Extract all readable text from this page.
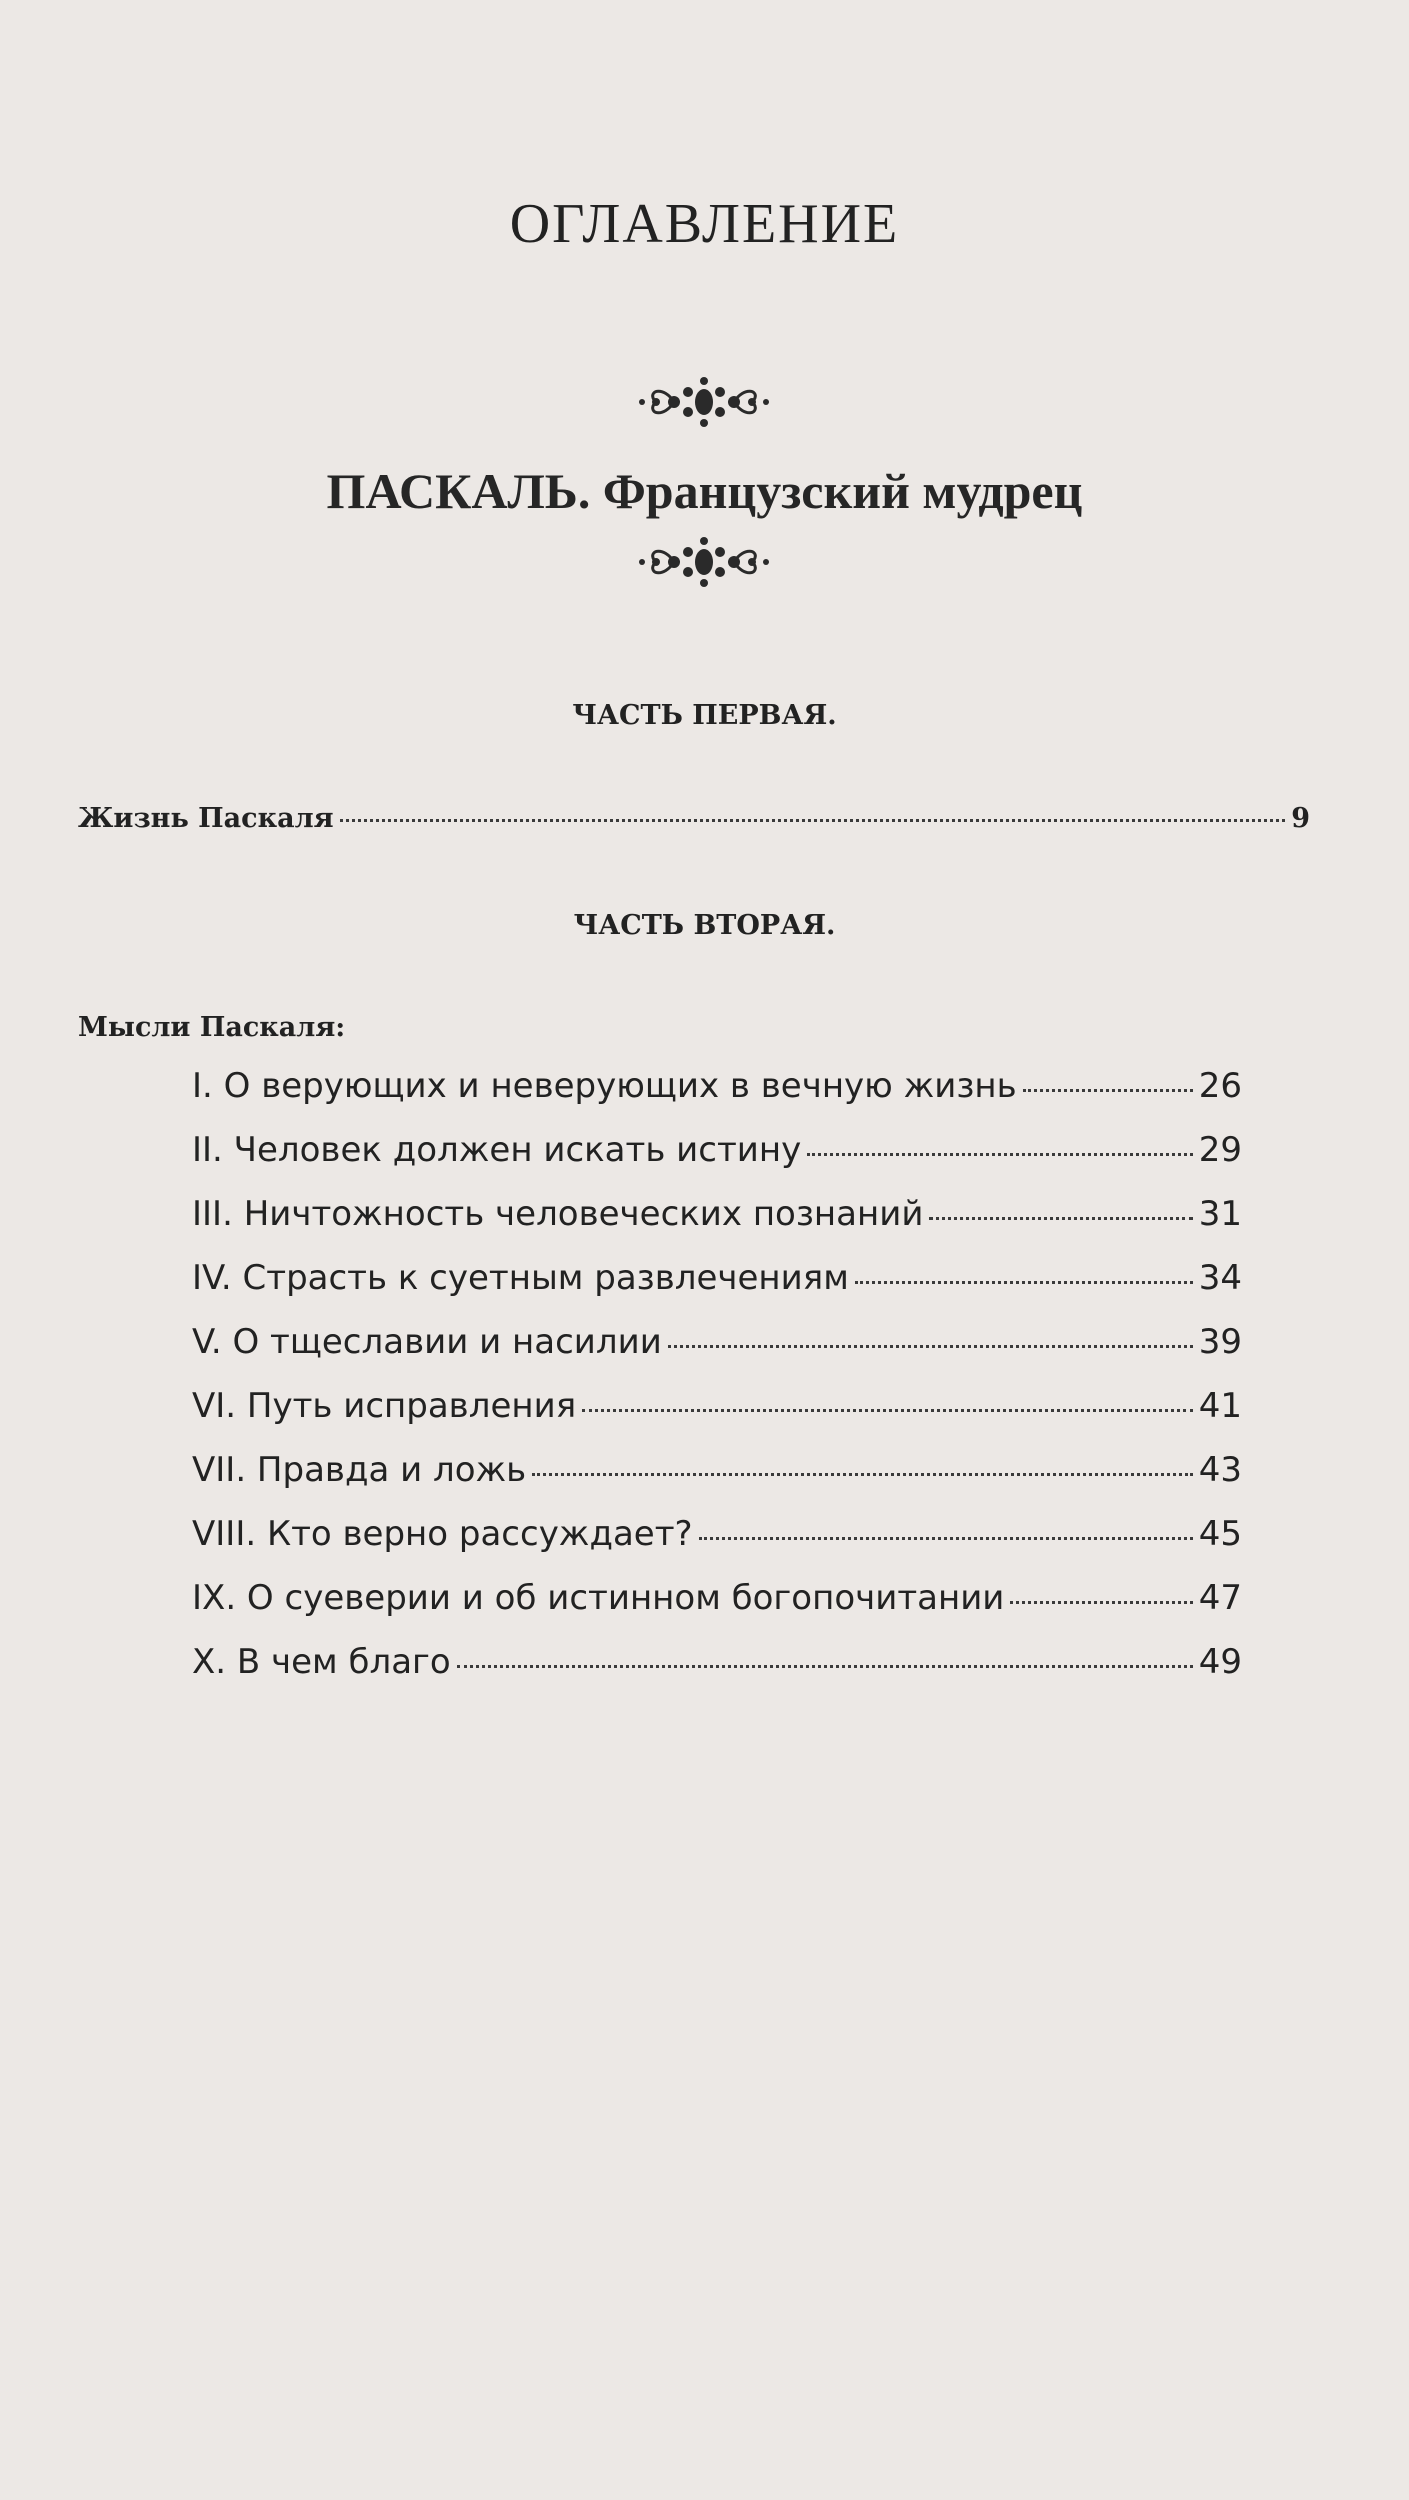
ОГЛАВЛЕНИЕ
ПАСКАЛЬ. Французский мудрец
ЧАСТЬ ПЕРВАЯ.
Жизнь Паскаля	9
ЧАСТЬ ВТОРАЯ.
Мысли Паскаля:
I. О верующих и неверующих в вечную жизнь	26
II. Человек должен искать истину	29
III. Ничтожность человеческих познаний	31
IV. Страсть к суетным развлечениям	34
V. О тщеславии и насилии	39
VI. Путь исправления	41
VII. Правда и ложь	43
VIII. Кто верно рассуждает?	45
IX. О суеверии и об истинном богопочитании	47
X. В чем благо	49
